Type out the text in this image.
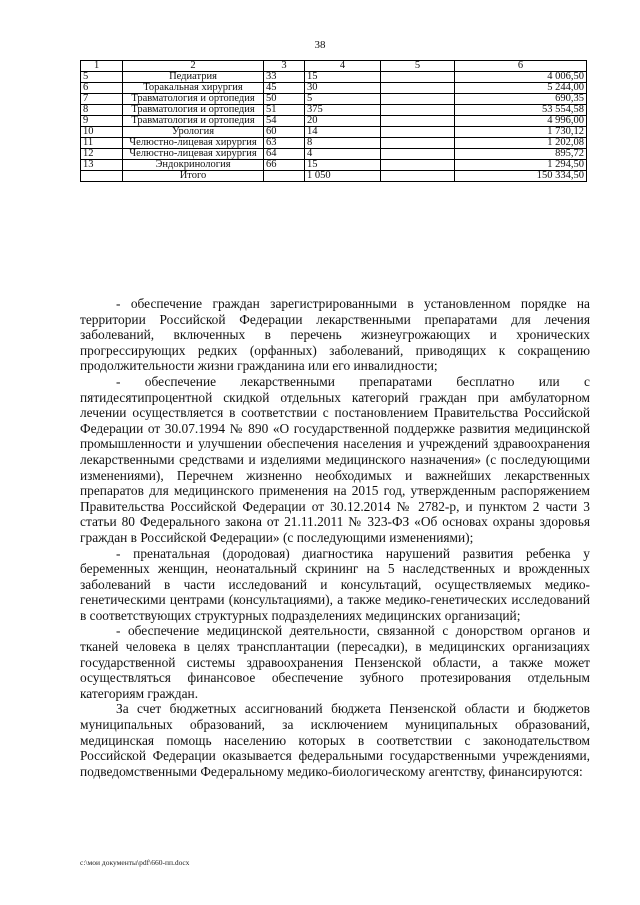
38
1	2	3	4	5	6
5	Педиатрия	33	15		4 006,50
6	Торакальная хирургия	45	30		5 244,00
7	Травматология и ортопедия	50	5		690,35
8	Травматология и ортопедия	51	375		53 554,58
9	Травматология и ортопедия	54	20		4 996,00
10	Урология	60	14		1 730,12
11	Челюстно-лицевая хирургия	63	8		1 202,08
12	Челюстно-лицевая хирургия	64	4		895,72
13	Эндокринология	66	15		1 294,50
	Итого		1 050		150 334,50

- обеспечение граждан зарегистрированными в установленном порядке на территории Российской Федерации лекарственными препаратами для лечения заболеваний, включенных в перечень жизнеугрожающих и хронических прогрессирующих редких (орфанных) заболеваний, приводящих к сокращению продолжительности жизни гражданина или его инвалидности;

- обеспечение лекарственными препаратами бесплатно или с пятидесятипроцентной скидкой отдельных категорий граждан при амбулаторном лечении осуществляется в соответствии с постановлением Правительства Российской Федерации от 30.07.1994 № 890 «О государственной поддержке развития медицинской промышленности и улучшении обеспечения населения и учреждений здравоохранения лекарственными средствами и изделиями медицинского назначения» (с последующими изменениями), Перечнем жизненно необходимых и важнейших лекарственных препаратов для медицинского применения на 2015 год, утвержденным распоряжением Правительства Российской Федерации от 30.12.2014 № 2782-р, и пунктом 2 части 3 статьи 80 Федерального закона от 21.11.2011 № 323-ФЗ «Об основах охраны здоровья граждан в Российской Федерации» (с последующими изменениями);

- пренатальная (дородовая) диагностика нарушений развития ребенка у беременных женщин, неонатальный скрининг на 5 наследственных и врожденных заболеваний в части исследований и консультаций, осуществляемых медико-генетическими центрами (консультациями), а также медико-генетических исследований в соответствующих структурных подразделениях медицинских организаций;

- обеспечение медицинской деятельности, связанной с донорством органов и тканей человека в целях трансплантации (пересадки), в медицинских организациях государственной системы здравоохранения Пензенской области, а также может осуществляться финансовое обеспечение зубного протезирования отдельным категориям граждан.

За счет бюджетных ассигнований бюджета Пензенской области и бюджетов муниципальных образований, за исключением муниципальных образований, медицинская помощь населению которых в соответствии с законодательством Российской Федерации оказывается федеральными государственными учреждениями, подведомственными Федеральному медико-биологическому агентству, финансируются:

c:\мои документы\pdf\660-пп.docx
